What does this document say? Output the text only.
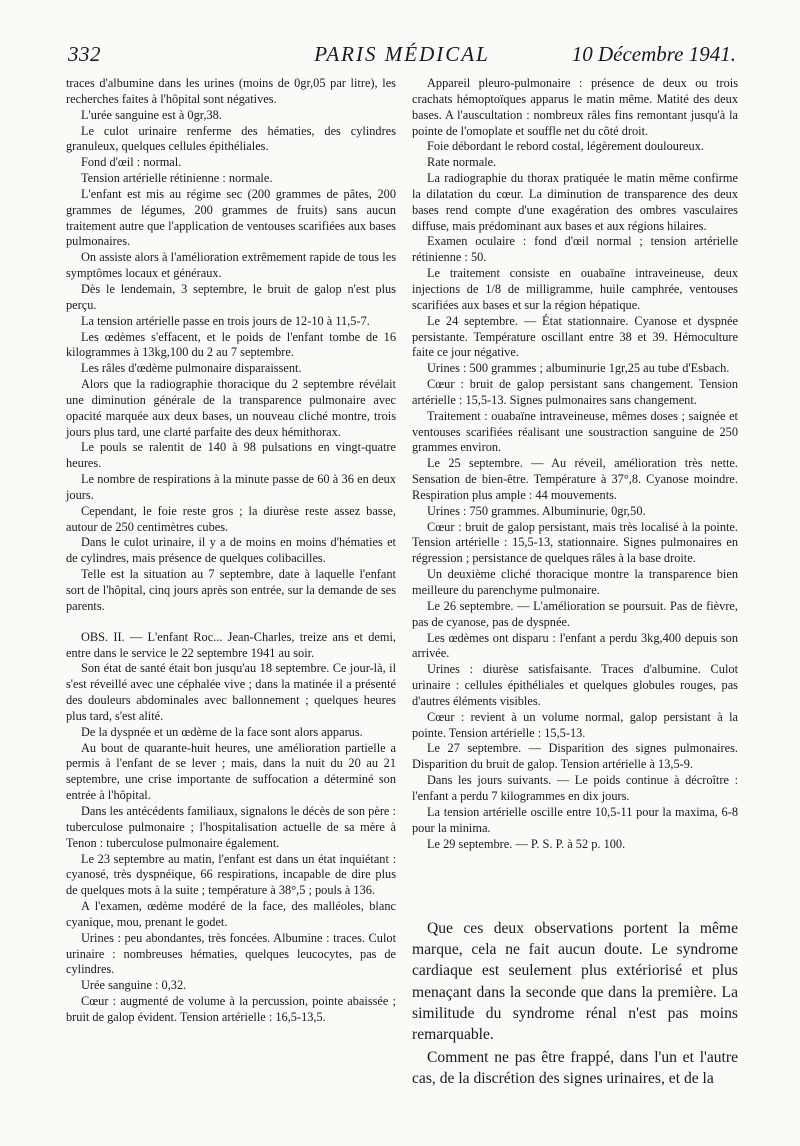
332	PARIS MÉDICAL	10 Décembre 1941.

traces d'albumine dans les urines (moins de 0gr,05 par litre), les recherches faites à l'hôpital sont négatives.

L'urée sanguine est à 0gr,38.

Le culot urinaire renferme des hématies, des cylindres granuleux, quelques cellules épithéliales.

Fond d'œil : normal.

Tension artérielle rétinienne : normale.

L'enfant est mis au régime sec (200 grammes de pâtes, 200 grammes de légumes, 200 grammes de fruits) sans aucun traitement autre que l'application de ventouses scarifiées aux bases pulmonaires.

On assiste alors à l'amélioration extrêmement rapide de tous les symptômes locaux et généraux.

Dès le lendemain, 3 septembre, le bruit de galop n'est plus perçu.

La tension artérielle passe en trois jours de 12-10 à 11,5-7.

Les œdèmes s'effacent, et le poids de l'enfant tombe de 16 kilogrammes à 13kg,100 du 2 au 7 septembre.

Les râles d'œdème pulmonaire disparaissent.

Alors que la radiographie thoracique du 2 septembre révélait une diminution générale de la transparence pulmonaire avec opacité marquée aux deux bases, un nouveau cliché montre, trois jours plus tard, une clarté parfaite des deux hémithorax.

Le pouls se ralentit de 140 à 98 pulsations en vingt-quatre heures.

Le nombre de respirations à la minute passe de 60 à 36 en deux jours.

Cependant, le foie reste gros ; la diurèse reste assez basse, autour de 250 centimètres cubes.

Dans le culot urinaire, il y a de moins en moins d'hématies et de cylindres, mais présence de quelques colibacilles.

Telle est la situation au 7 septembre, date à laquelle l'enfant sort de l'hôpital, cinq jours après son entrée, sur la demande de ses parents.

OBS. II. — L'enfant Roc... Jean-Charles, treize ans et demi, entre dans le service le 22 septembre 1941 au soir.

Son état de santé était bon jusqu'au 18 septembre. Ce jour-là, il s'est réveillé avec une céphalée vive ; dans la matinée il a présenté des douleurs abdominales avec ballonnement ; quelques heures plus tard, s'est alité.

De la dyspnée et un œdème de la face sont alors apparus.

Au bout de quarante-huit heures, une amélioration partielle a permis à l'enfant de se lever ; mais, dans la nuit du 20 au 21 septembre, une crise importante de suffocation a déterminé son entrée à l'hôpital.

Dans les antécédents familiaux, signalons le décès de son père : tuberculose pulmonaire ; l'hospitalisation actuelle de sa mère à Tenon : tuberculose pulmonaire également.

Le 23 septembre au matin, l'enfant est dans un état inquiétant : cyanosé, très dyspnéique, 66 respirations, incapable de dire plus de quelques mots à la suite ; température à 38°,5 ; pouls à 136.

A l'examen, œdème modéré de la face, des malléoles, blanc cyanique, mou, prenant le godet.

Urines : peu abondantes, très foncées. Albumine : traces. Culot urinaire : nombreuses hématies, quelques leucocytes, pas de cylindres.

Urée sanguine : 0,32.

Cœur : augmenté de volume à la percussion, pointe abaissée ; bruit de galop évident. Tension artérielle : 16,5-13,5.

Appareil pleuro-pulmonaire : présence de deux ou trois crachats hémoptoïques apparus le matin même. Matité des deux bases. A l'auscultation : nombreux râles fins remontant jusqu'à la pointe de l'omoplate et souffle net du côté droit.

Foie débordant le rebord costal, légèrement douloureux.

Rate normale.

La radiographie du thorax pratiquée le matin même confirme la dilatation du cœur. La diminution de transparence des deux bases rend compte d'une exagération des ombres vasculaires diffuse, mais prédominant aux bases et aux régions hilaires.

Examen oculaire : fond d'œil normal ; tension artérielle rétinienne : 50.

Le traitement consiste en ouabaïne intraveineuse, deux injections de 1/8 de milligramme, huile camphrée, ventouses scarifiées aux bases et sur la région hépatique.

Le 24 septembre. — État stationnaire. Cyanose et dyspnée persistante. Température oscillant entre 38 et 39. Hémoculture faite ce jour négative.

Urines : 500 grammes ; albuminurie 1gr,25 au tube d'Esbach.

Cœur : bruit de galop persistant sans changement. Tension artérielle : 15,5-13. Signes pulmonaires sans changement.

Traitement : ouabaïne intraveineuse, mêmes doses ; saignée et ventouses scarifiées réalisant une soustraction sanguine de 250 grammes environ.

Le 25 septembre. — Au réveil, amélioration très nette. Sensation de bien-être. Température à 37°,8. Cyanose moindre. Respiration plus ample : 44 mouvements.

Urines : 750 grammes. Albuminurie, 0gr,50.

Cœur : bruit de galop persistant, mais très localisé à la pointe. Tension artérielle : 15,5-13, stationnaire. Signes pulmonaires en régression ; persistance de quelques râles à la base droite.

Un deuxième cliché thoracique montre la transparence bien meilleure du parenchyme pulmonaire.

Le 26 septembre. — L'amélioration se poursuit. Pas de fièvre, pas de cyanose, pas de dyspnée.

Les œdèmes ont disparu : l'enfant a perdu 3kg,400 depuis son arrivée.

Urines : diurèse satisfaisante. Traces d'albumine. Culot urinaire : cellules épithéliales et quelques globules rouges, pas d'autres éléments visibles.

Cœur : revient à un volume normal, galop persistant à la pointe. Tension artérielle : 15,5-13.

Le 27 septembre. — Disparition des signes pulmonaires. Disparition du bruit de galop. Tension artérielle à 13,5-9.

Dans les jours suivants. — Le poids continue à décroître : l'enfant a perdu 7 kilogrammes en dix jours.

La tension artérielle oscille entre 10,5-11 pour la maxima, 6-8 pour la minima.

Le 29 septembre. — P. S. P. à 52 p. 100.

Que ces deux observations portent la même marque, cela ne fait aucun doute. Le syndrome cardiaque est seulement plus extériorisé et plus menaçant dans la seconde que dans la première. La similitude du syndrome rénal n'est pas moins remarquable.

Comment ne pas être frappé, dans l'un et l'autre cas, de la discrétion des signes urinaires, et de la
